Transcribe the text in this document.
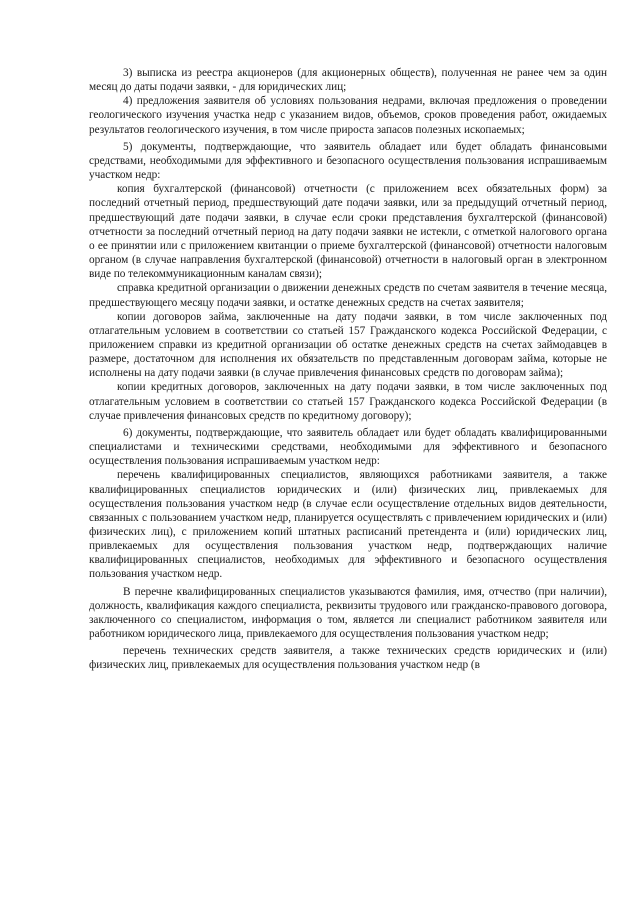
3) выписка из реестра акционеров (для акционерных обществ), полученная не ранее чем за один месяц до даты подачи заявки, - для юридических лиц;

4) предложения заявителя об условиях пользования недрами, включая предложения о проведении геологического изучения участка недр с указанием видов, объемов, сроков проведения работ, ожидаемых результатов геологического изучения, в том числе прироста запасов полезных ископаемых;

5) документы, подтверждающие, что заявитель обладает или будет обладать финансовыми средствами, необходимыми для эффективного и безопасного осуществления пользования испрашиваемым участком недр:

копия бухгалтерской (финансовой) отчетности (с приложением всех обязательных форм) за последний отчетный период, предшествующий дате подачи заявки, или за предыдущий отчетный период, предшествующий дате подачи заявки, в случае если сроки представления бухгалтерской (финансовой) отчетности за последний отчетный период на дату подачи заявки не истекли, с отметкой налогового органа о ее принятии или с приложением квитанции о приеме бухгалтерской (финансовой) отчетности налоговым органом (в случае направления бухгалтерской (финансовой) отчетности в налоговый орган в электронном виде по телекоммуникационным каналам связи);

справка кредитной организации о движении денежных средств по счетам заявителя в течение месяца, предшествующего месяцу подачи заявки, и остатке денежных средств на счетах заявителя;

копии договоров займа, заключенные на дату подачи заявки, в том числе заключенных под отлагательным условием в соответствии со статьей 157 Гражданского кодекса Российской Федерации, с приложением справки из кредитной организации об остатке денежных средств на счетах займодавцев в размере, достаточном для исполнения их обязательств по представленным договорам займа, которые не исполнены на дату подачи заявки (в случае привлечения финансовых средств по договорам займа);

копии кредитных договоров, заключенных на дату подачи заявки, в том числе заключенных под отлагательным условием в соответствии со статьей 157 Гражданского кодекса Российской Федерации (в случае привлечения финансовых средств по кредитному договору);

6) документы, подтверждающие, что заявитель обладает или будет обладать квалифицированными специалистами и техническими средствами, необходимыми для эффективного и безопасного осуществления пользования испрашиваемым участком недр:

перечень квалифицированных специалистов, являющихся работниками заявителя, а также квалифицированных специалистов юридических и (или) физических лиц, привлекаемых для осуществления пользования участком недр (в случае если осуществление отдельных видов деятельности, связанных с пользованием участком недр, планируется осуществлять с привлечением юридических и (или) физических лиц), с приложением копий штатных расписаний претендента и (или) юридических лиц, привлекаемых для осуществления пользования участком недр, подтверждающих наличие квалифицированных специалистов, необходимых для эффективного и безопасного осуществления пользования участком недр.

В перечне квалифицированных специалистов указываются фамилия, имя, отчество (при наличии), должность, квалификация каждого специалиста, реквизиты трудового или гражданско-правового договора, заключенного со специалистом, информация о том, является ли специалист работником заявителя или работником юридического лица, привлекаемого для осуществления пользования участком недр;

перечень технических средств заявителя, а также технических средств юридических и (или) физических лиц, привлекаемых для осуществления пользования участком недр (в
